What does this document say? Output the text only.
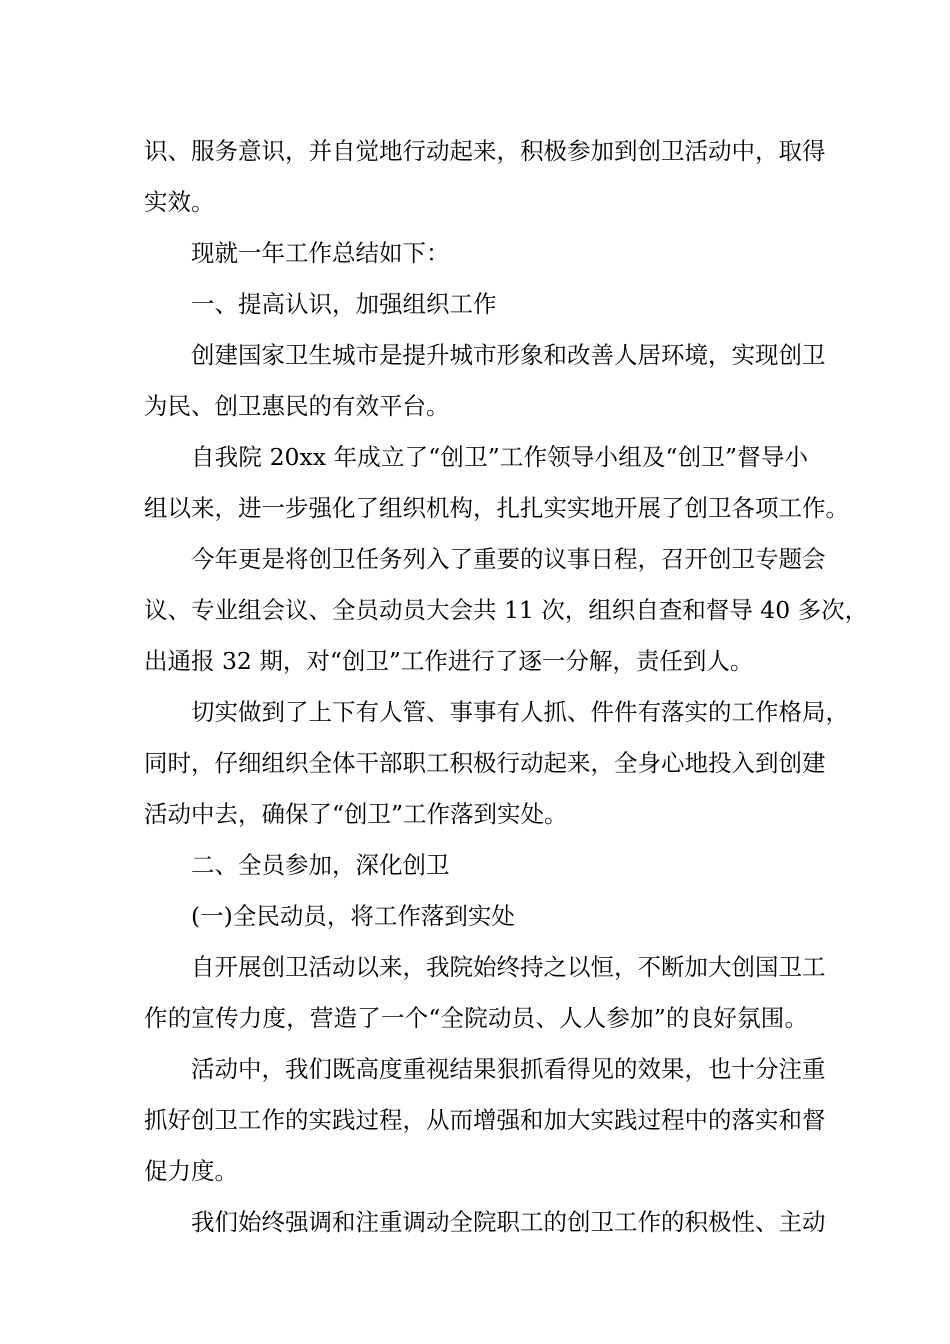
识、服务意识，并自觉地行动起来，积极参加到创卫活动中，取得

实效。

现就一年工作总结如下：

一、提高认识，加强组织工作

创建国家卫生城市是提升城市形象和改善人居环境，实现创卫

为民、创卫惠民的有效平台。

自我院 20xx 年成立了“创卫”工作领导小组及“创卫”督导小

组以来，进一步强化了组织机构，扎扎实实地开展了创卫各项工作。

今年更是将创卫任务列入了重要的议事日程，召开创卫专题会

议、专业组会议、全员动员大会共 11 次，组织自查和督导 40 多次，

出通报 32 期，对“创卫”工作进行了逐一分解，责任到人。

切实做到了上下有人管、事事有人抓、件件有落实的工作格局，

同时，仔细组织全体干部职工积极行动起来，全身心地投入到创建

活动中去，确保了“创卫”工作落到实处。

二、全员参加，深化创卫

(一)全民动员，将工作落到实处

自开展创卫活动以来，我院始终持之以恒，不断加大创国卫工

作的宣传力度，营造了一个“全院动员、人人参加”的良好氛围。

活动中，我们既高度重视结果狠抓看得见的效果，也十分注重

抓好创卫工作的实践过程，从而增强和加大实践过程中的落实和督

促力度。

我们始终强调和注重调动全院职工的创卫工作的积极性、主动
